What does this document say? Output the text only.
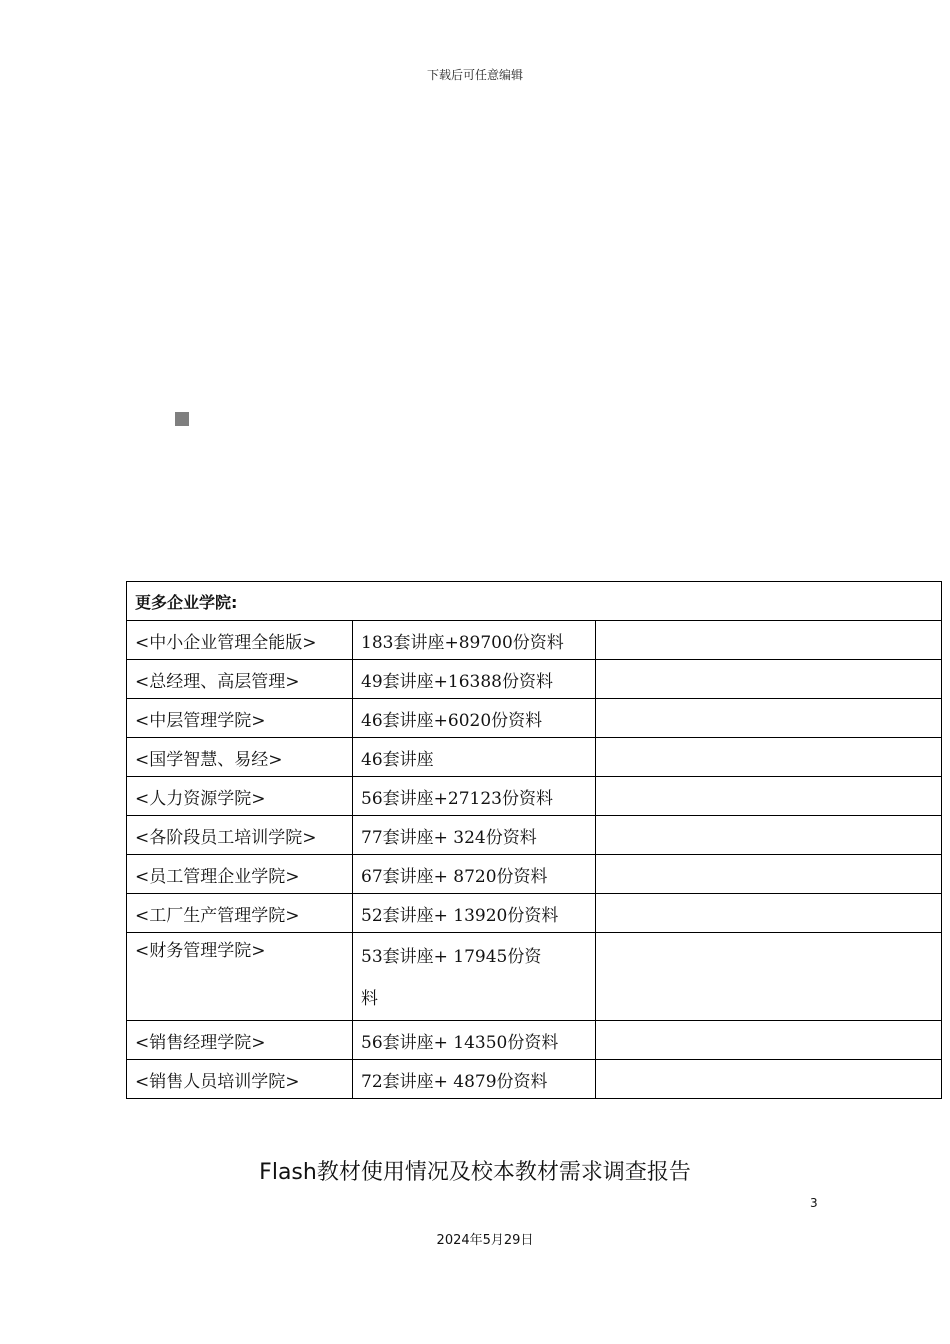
下载后可任意编辑
更多企业学院:		
<中小企业管理全能版>	183套讲座+89700份资料	
<总经理、高层管理>	49套讲座+16388份资料	
<中层管理学院>	46套讲座+6020份资料	
<国学智慧、易经>	46套讲座	
<人力资源学院>	56套讲座+27123份资料	
<各阶段员工培训学院>	77套讲座+ 324份资料	
<员工管理企业学院>	67套讲座+ 8720份资料	
<工厂生产管理学院>	52套讲座+ 13920份资料	
<财务管理学院>	53套讲座+ 17945份资料	

<销售经理学院>	56套讲座+ 14350份资料	
<销售人员培训学院>	72套讲座+ 4879份资料	
Flash教材使用情况及校本教材需求调查报告
3
2024年5月29日
